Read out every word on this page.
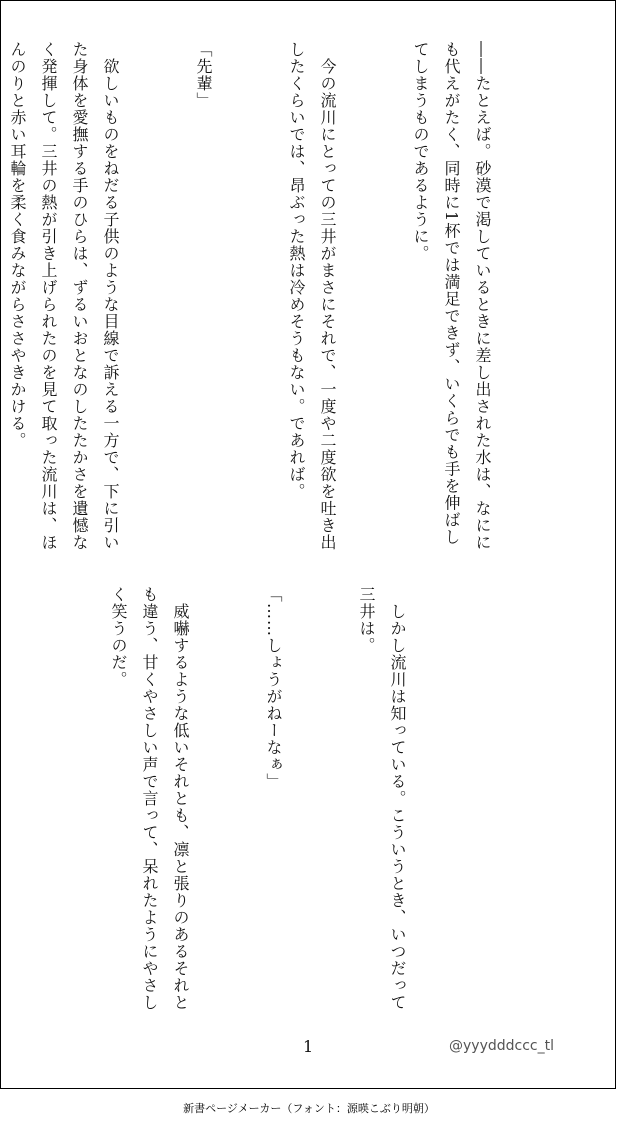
――たとえば。砂漠で渇しているときに差し出された水は、なににも代えがたく、同時に1杯では満足できず、いくらでも手を伸ばしてしまうものであるように。

　今の流川にとっての三井がまさにそれで、一度や二度欲を吐き出したくらいでは、昂ぶった熱は冷めそうもない。であれば。

「先輩」

　欲しいものをねだる子供のような目線で訴える一方で、下に引いた身体を愛撫する手のひらは、ずるいおとなのしたたかさを遺憾なく発揮して。三井の熱が引き上げられたのを見て取った流川は、ほんのりと赤い耳輪を柔く食みながらささやきかける。

　しかし流川は知っている。こういうとき、いつだって三井は。

「……しょうがねーなぁ」

　威嚇するような低いそれとも、凛と張りのあるそれとも違う、甘くやさしい声で言って、呆れたようにやさしく笑うのだ。

1	@yyydddccc_tl
新書ページメーカー（フォント：源暎こぶり明朝）
